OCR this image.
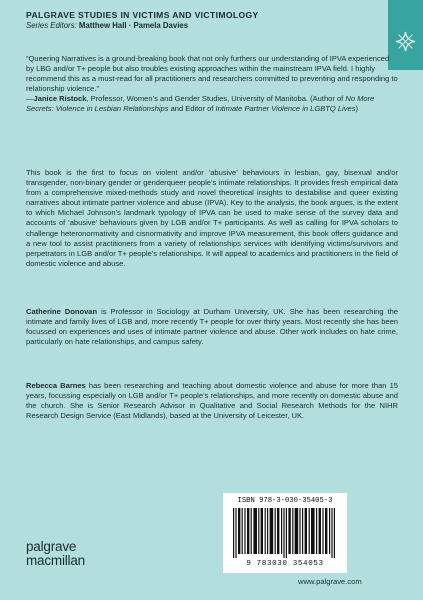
PALGRAVE STUDIES IN VICTIMS AND VICTIMOLOGY
Series Editors: Matthew Hall · Pamela Davies

“Queering Narratives is a ground-breaking book that not only furthers our understanding of IPVA experienced by LBG and/or T+ people but also troubles existing approaches within the mainstream IPVA field. I highly recommend this as a must-read for all practitioners and researchers committed to preventing and responding to relationship violence.”

—Janice Ristock, Professor, Women’s and Gender Studies, University of Manitoba. (Author of No More Secrets: Violence in Lesbian Relationships and Editor of Intimate Partner Violence in LGBTQ Lives)

This book is the first to focus on violent and/or ‘abusive’ behaviours in lesbian, gay, bisexual and/or transgender, non-binary gender or genderqueer people’s intimate relationships. It provides fresh empirical data from a comprehensive mixed-methods study and novel theoretical insights to destabilise and queer existing narratives about intimate partner violence and abuse (IPVA). Key to the analysis, the book argues, is the extent to which Michael Johnson’s landmark typology of IPVA can be used to make sense of the survey data and accounts of ‘abusive’ behaviours given by LGB and/or T+ participants. As well as calling for IPVA scholars to challenge heteronormativity and cisnormativity and improve IPVA measurement, this book offers guidance and a new tool to assist practitioners from a variety of relationships services with identifying victims/survivors and perpetrators in LGB and/or T+ people’s relationships. It will appeal to academics and practitioners in the field of domestic violence and abuse.

Catherine Donovan is Professor in Sociology at Durham University, UK. She has been researching the intimate and family lives of LGB and, more recently T+ people for over thirty years. Most recently she has been focussed on experiences and uses of intimate partner violence and abuse. Other work includes on hate crime, particularly on hate relationships, and campus safety.

Rebecca Barnes has been researching and teaching about domestic violence and abuse for more than 15 years, focussing especially on LGB and/or T+ people’s relationships, and more recently on domestic abuse and the church. She is Senior Research Advisor in Qualitative and Social Research Methods for the NIHR Research Design Service (East Midlands), based at the University of Leicester, UK.

ISBN 978-3-030-35405-3
9 783030 354053
palgrave
macmillan
www.palgrave.com
